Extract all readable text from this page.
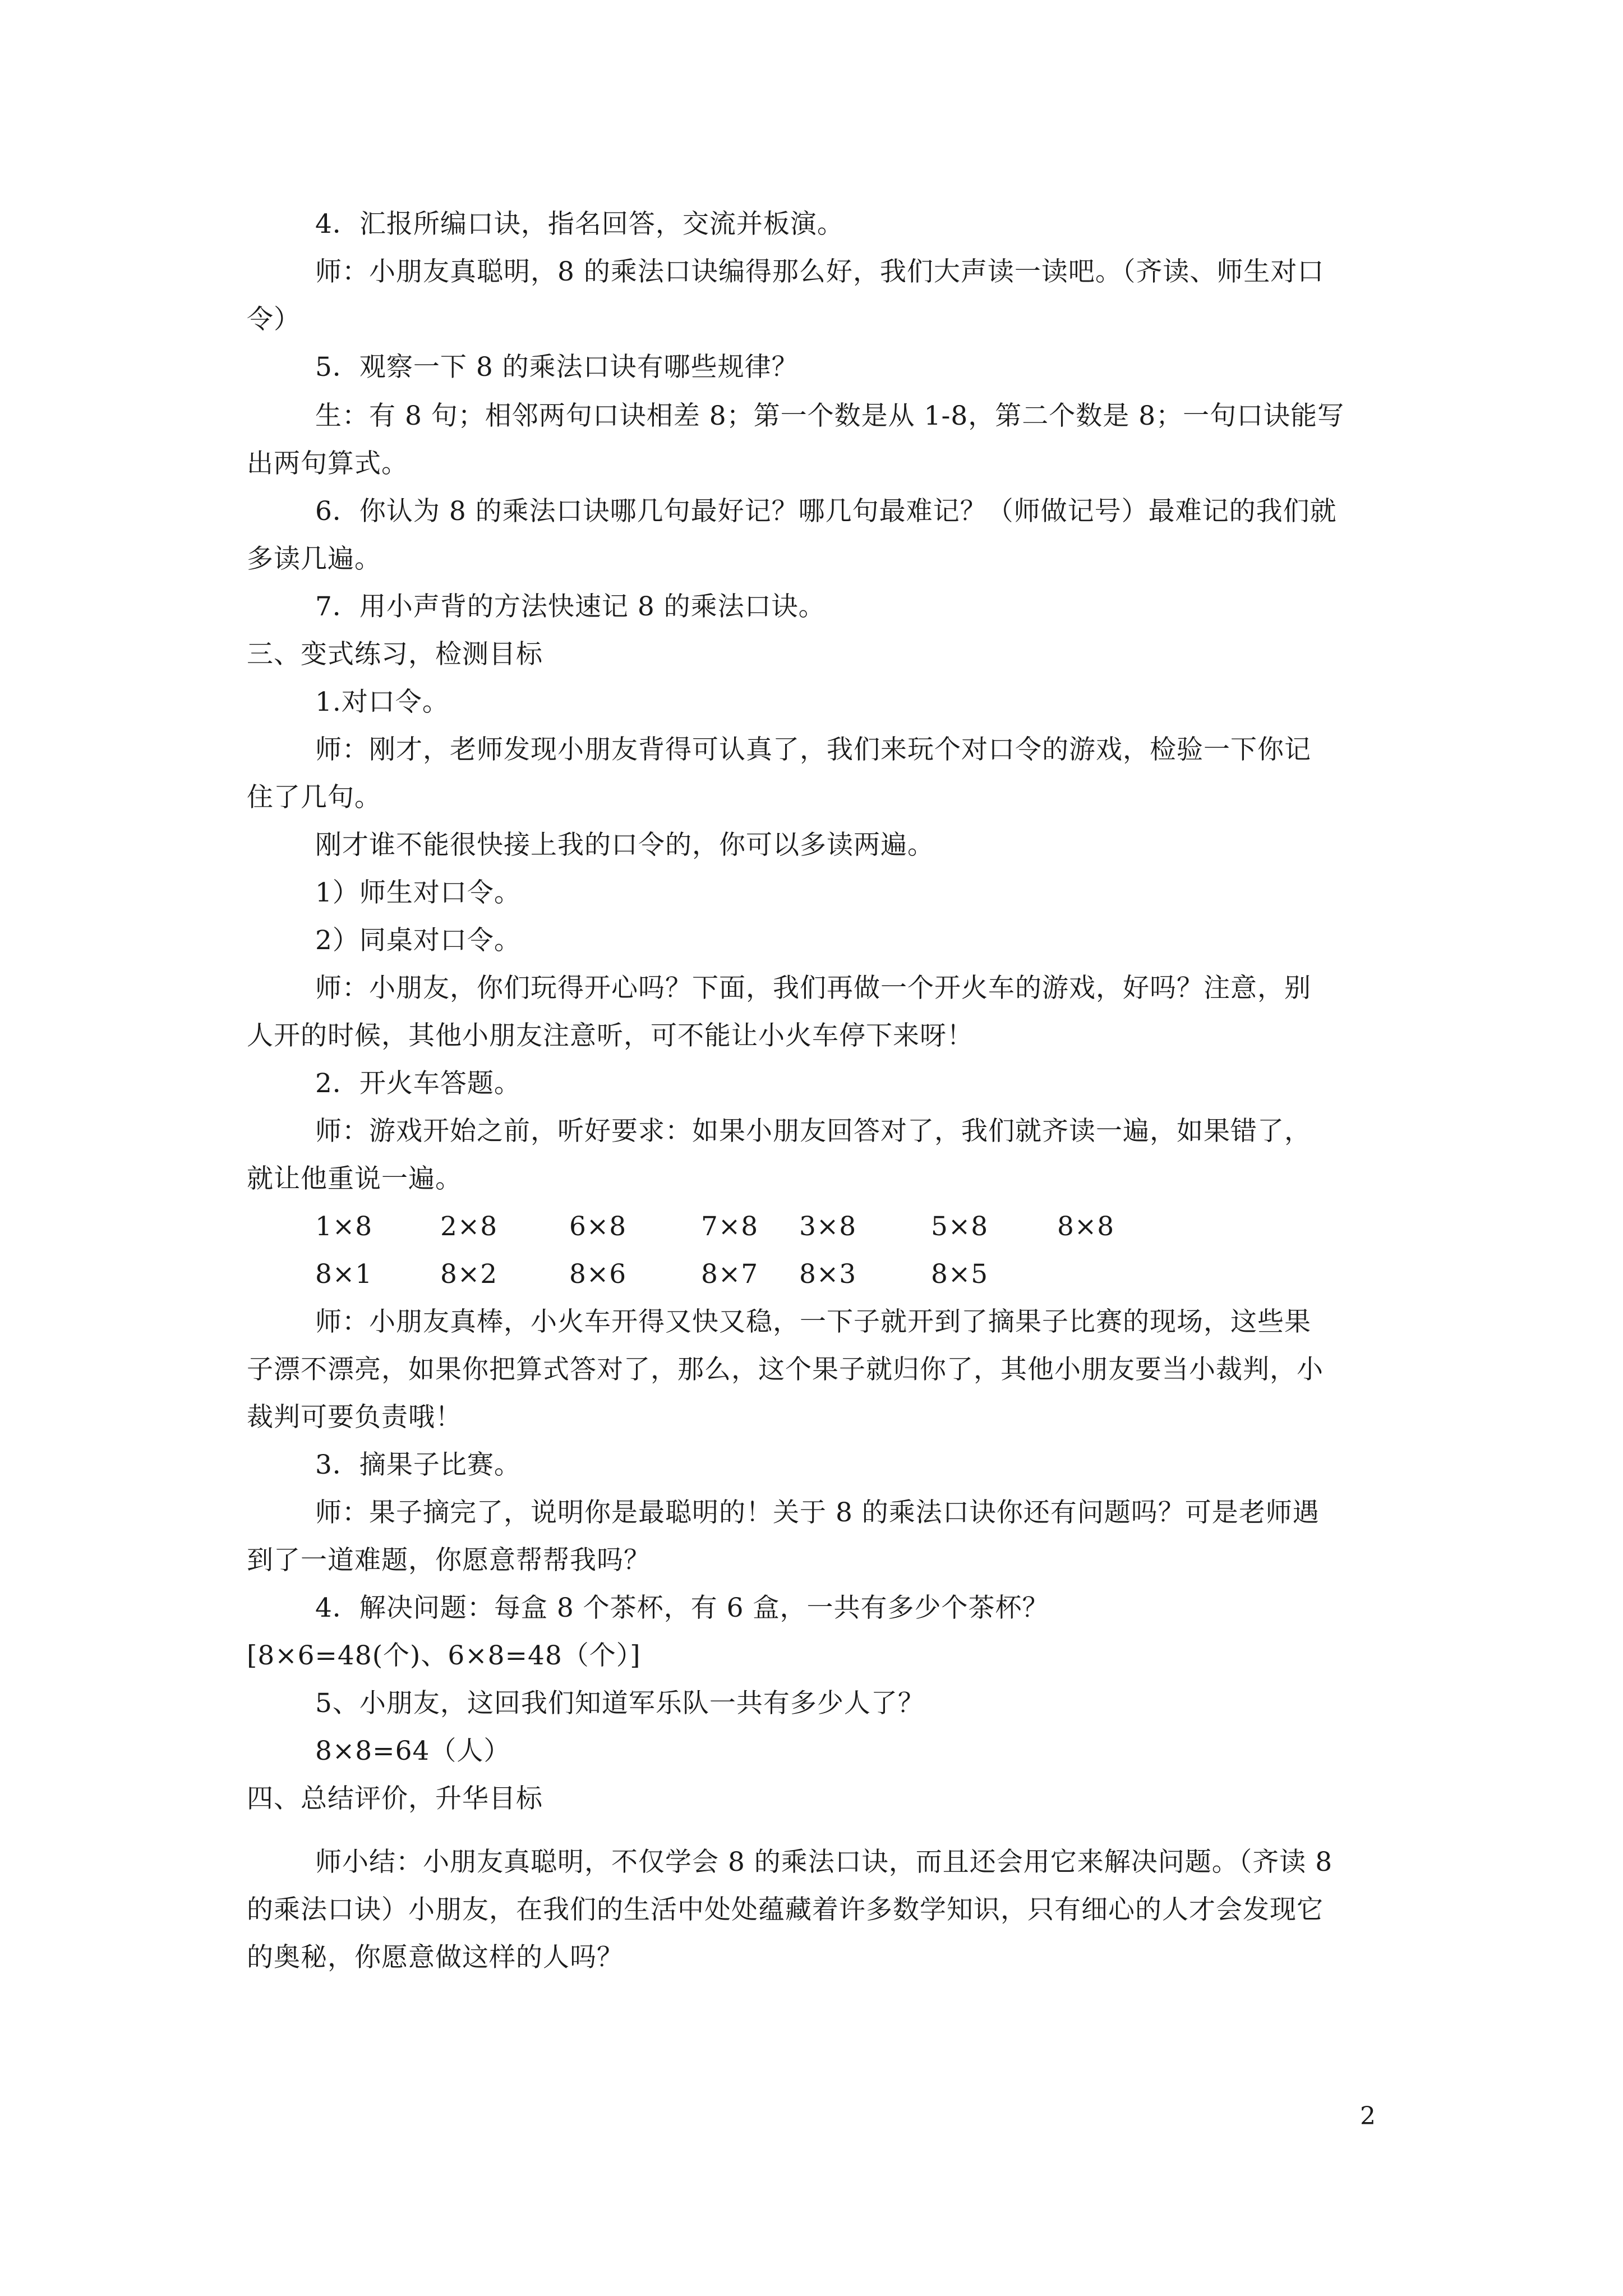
4．汇报所编口诀，指名回答，交流并板演。
师：小朋友真聪明，8 的乘法口诀编得那么好，我们大声读一读吧。（齐读、师生对口
令）
5．观察一下 8 的乘法口诀有哪些规律？
生：有 8 句；相邻两句口诀相差 8；第一个数是从 1-8，第二个数是 8；一句口诀能写
出两句算式。
6．你认为 8 的乘法口诀哪几句最好记？哪几句最难记？（师做记号）最难记的我们就
多读几遍。
7．用小声背的方法快速记 8 的乘法口诀。
三、变式练习，检测目标
1.对口令。
师：刚才，老师发现小朋友背得可认真了，我们来玩个对口令的游戏，检验一下你记
住了几句。
刚才谁不能很快接上我的口令的，你可以多读两遍。
1）师生对口令。
2）同桌对口令。
师：小朋友，你们玩得开心吗？下面，我们再做一个开火车的游戏，好吗？注意，别
人开的时候，其他小朋友注意听，可不能让小火车停下来呀！
2．开火车答题。
师：游戏开始之前，听好要求：如果小朋友回答对了，我们就齐读一遍，如果错了，
就让他重说一遍。
1×8	2×8	6×8	7×8 3×8	5×8	8×8
8×1	8×2	8×6	8×7 8×3	8×5
师：小朋友真棒，小火车开得又快又稳，一下子就开到了摘果子比赛的现场，这些果
子漂不漂亮，如果你把算式答对了，那么，这个果子就归你了，其他小朋友要当小裁判，小
裁判可要负责哦！
3．摘果子比赛。
师：果子摘完了，说明你是最聪明的！关于 8 的乘法口诀你还有问题吗？可是老师遇
到了一道难题，你愿意帮帮我吗？
4．解决问题：每盒 8 个茶杯，有 6 盒，一共有多少个茶杯？
[8×6=48(个)、6×8=48（个）]
5、小朋友，这回我们知道军乐队一共有多少人了？
8×8=64（人）
四、总结评价，升华目标
师小结：小朋友真聪明，不仅学会 8 的乘法口诀，而且还会用它来解决问题。（齐读 8
的乘法口诀）小朋友，在我们的生活中处处蕴藏着许多数学知识，只有细心的人才会发现它
的奥秘，你愿意做这样的人吗？
2
